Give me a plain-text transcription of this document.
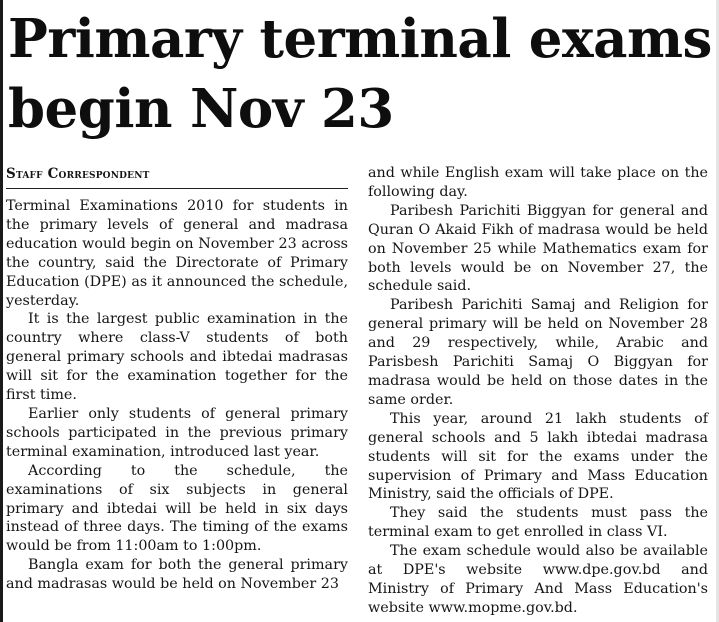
Primary terminal exams begin Nov 23
Staff Correspondent

Terminal Examinations 2010 for students in the primary levels of general and madrasa education would begin on November 23 across the country, said the Directorate of Primary Education (DPE) as it announced the schedule, yesterday.

It is the largest public examination in the country where class-V students of both general primary schools and ibtedai madrasas will sit for the examination together for the first time.

Earlier only students of general primary schools participated in the previous primary terminal examination, introduced last year.

According to the schedule, the examinations of six subjects in general primary and ibtedai will be held in six days instead of three days. The timing of the exams would be from 11:00am to 1:00pm.

Bangla exam for both the general primary and madrasas would be held on November 23

and while English exam will take place on the following day.

Paribesh Parichiti Biggyan for general and Quran O Akaid Fikh of madrasa would be held on November 25 while Mathematics exam for both levels would be on November 27, the schedule said.

Paribesh Parichiti Samaj and Religion for general primary will be held on November 28 and 29 respectively, while, Arabic and Parisbesh Parichiti Samaj O Biggyan for madrasa would be held on those dates in the same order.

This year, around 21 lakh students of general schools and 5 lakh ibtedai madrasa students will sit for the exams under the supervision of Primary and Mass Education Ministry, said the officials of DPE.

They said the students must pass the terminal exam to get enrolled in class VI.

The exam schedule would also be available at DPE's website www.dpe.gov.bd and Ministry of Primary And Mass Education's website www.mopme.gov.bd.
